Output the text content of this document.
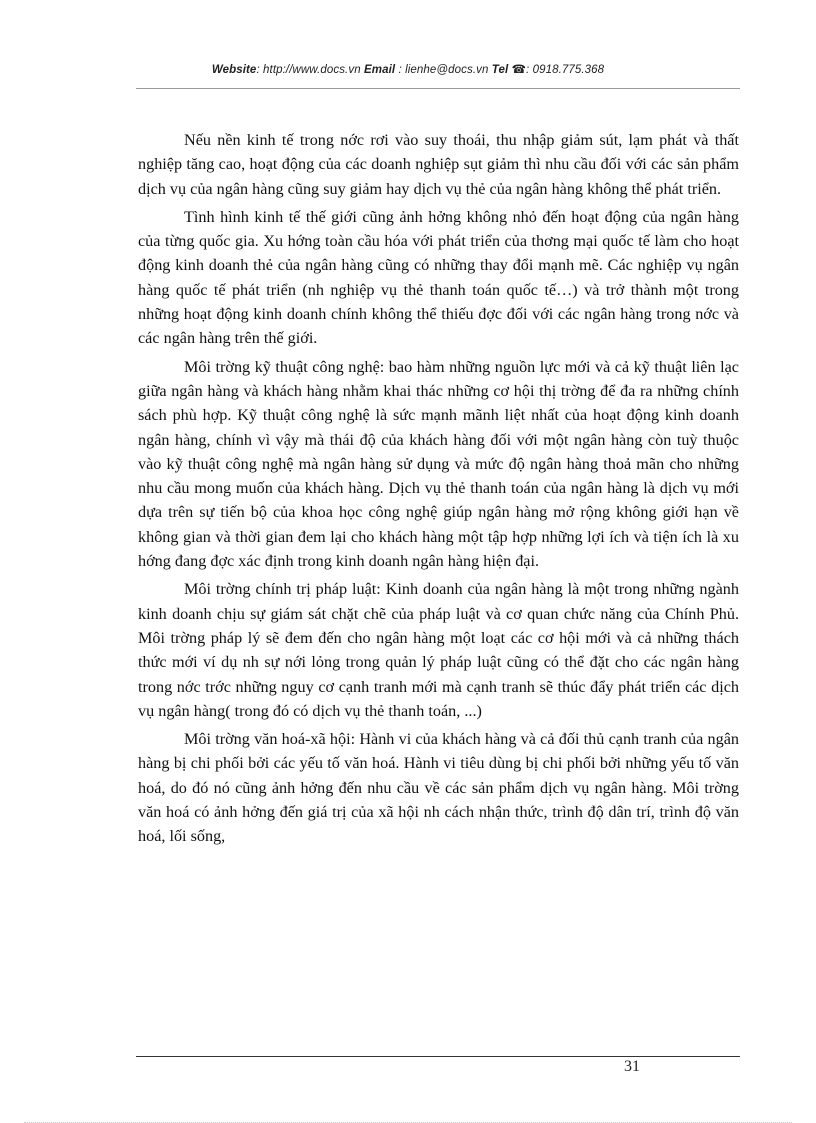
Website: http://www.docs.vn Email : lienhe@docs.vn Tel ☎: 0918.775.368

Nếu nền kinh tế trong nớc rơi vào suy thoái, thu nhập giảm sút, lạm phát và thất nghiệp tăng cao, hoạt động của các doanh nghiệp sụt giảm thì nhu cầu đối với các sản phẩm dịch vụ của ngân hàng cũng suy giảm hay dịch vụ thẻ của ngân hàng không thể phát triển.

Tình hình kinh tế thế giới cũng ảnh hởng không nhỏ đến hoạt động của ngân hàng của từng quốc gia. Xu hớng toàn cầu hóa với phát triển của thơng mại quốc tế làm cho hoạt động kinh doanh thẻ của ngân hàng cũng có những thay đổi mạnh mẽ. Các nghiệp vụ ngân hàng quốc tế phát triển (nh nghiệp vụ thẻ thanh toán quốc tế…) và trở thành một trong những hoạt động kinh doanh chính không thể thiếu đợc đối với các ngân hàng trong nớc và các ngân hàng trên thế giới.

Môi trờng kỹ thuật công nghệ: bao hàm những nguồn lực mới và cả kỹ thuật liên lạc giữa ngân hàng và khách hàng nhằm khai thác những cơ hội thị trờng để đa ra những chính sách phù hợp. Kỹ thuật công nghệ là sức mạnh mãnh liệt nhất của hoạt động kinh doanh ngân hàng, chính vì vậy mà thái độ của khách hàng đối với một ngân hàng còn tuỳ thuộc vào kỹ thuật công nghệ mà ngân hàng sử dụng và mức độ ngân hàng thoả mãn cho những nhu cầu mong muốn của khách hàng. Dịch vụ thẻ thanh toán của ngân hàng là dịch vụ mới dựa trên sự tiến bộ của khoa học công nghệ giúp ngân hàng mở rộng không giới hạn về không gian và thời gian đem lại cho khách hàng một tập hợp những lợi ích và tiện ích là xu hớng đang đợc xác định trong kinh doanh ngân hàng hiện đại.

Môi trờng chính trị pháp luật: Kinh doanh của ngân hàng là một trong những ngành kinh doanh chịu sự giám sát chặt chẽ của pháp luật và cơ quan chức năng của Chính Phủ. Môi trờng pháp lý sẽ đem đến cho ngân hàng một loạt các cơ hội mới và cả những thách thức mới ví dụ nh sự nới lỏng trong quản lý pháp luật cũng có thể đặt cho các ngân hàng trong nớc trớc những nguy cơ cạnh tranh mới mà cạnh tranh sẽ thúc đẩy phát triển các dịch vụ ngân hàng( trong đó có dịch vụ thẻ thanh toán, ...)

Môi trờng văn hoá-xã hội: Hành vi của khách hàng và cả đối thủ cạnh tranh của ngân hàng bị chi phối bởi các yếu tố văn hoá. Hành vi tiêu dùng bị chi phối bởi những yếu tố văn hoá, do đó nó cũng ảnh hởng đến nhu cầu về các sản phẩm dịch vụ ngân hàng. Môi trờng văn hoá có ảnh hởng đến giá trị của xã hội nh cách nhận thức, trình độ dân trí, trình độ văn hoá, lối sống,

31
